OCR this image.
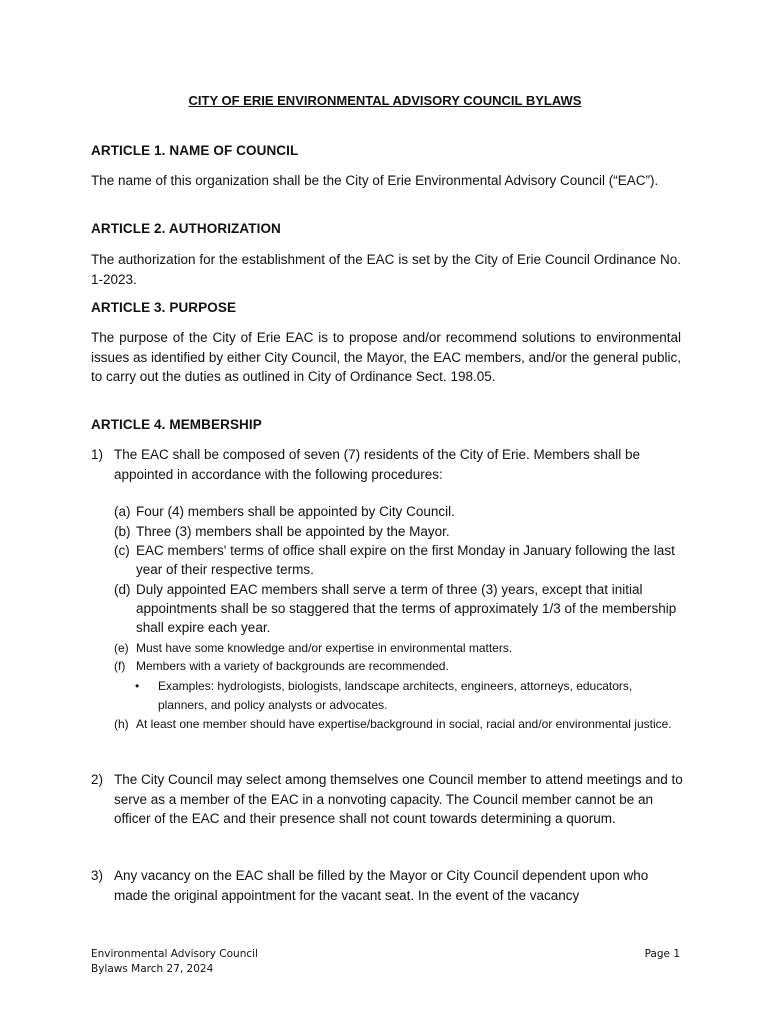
CITY OF ERIE ENVIRONMENTAL ADVISORY COUNCIL BYLAWS
ARTICLE 1. NAME OF COUNCIL
The name of this organization shall be the City of Erie Environmental Advisory Council (“EAC”).
ARTICLE 2. AUTHORIZATION
The authorization for the establishment of the EAC is set by the City of Erie Council Ordinance No. 1-2023.
ARTICLE 3. PURPOSE
The purpose of the City of Erie EAC is to propose and/or recommend solutions to environmental issues as identified by either City Council, the Mayor, the EAC members, and/or the general public, to carry out the duties as outlined in City of Ordinance Sect. 198.05.
ARTICLE 4. MEMBERSHIP
1) The EAC shall be composed of seven (7) residents of the City of Erie. Members shall be appointed in accordance with the following procedures:
(a) Four (4) members shall be appointed by City Council.
(b) Three (3) members shall be appointed by the Mayor.
(c) EAC members' terms of office shall expire on the first Monday in January following the last year of their respective terms.
(d) Duly appointed EAC members shall serve a term of three (3) years, except that initial appointments shall be so staggered that the terms of approximately 1/3 of the membership shall expire each year.
(e) Must have some knowledge and/or expertise in environmental matters.
(f) Members with a variety of backgrounds are recommended.
• Examples: hydrologists, biologists, landscape architects, engineers, attorneys, educators, planners, and policy analysts or advocates.
(h) At least one member should have expertise/background in social, racial and/or environmental justice.
2) The City Council may select among themselves one Council member to attend meetings and to serve as a member of the EAC in a nonvoting capacity. The Council member cannot be an officer of the EAC and their presence shall not count towards determining a quorum.
3) Any vacancy on the EAC shall be filled by the Mayor or City Council dependent upon who made the original appointment for the vacant seat. In the event of the vacancy
Environmental Advisory Council
Bylaws March 27, 2024
Page 1
